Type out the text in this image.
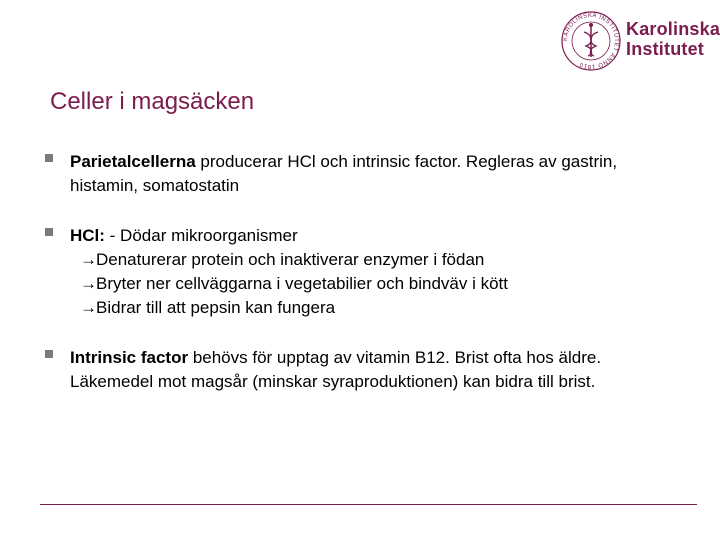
KAROLINSKA INSTITUTET ANNO 1810
Karolinska
Institutet
Celler i magsäcken
Parietalcellerna producerar HCl och intrinsic factor. Regleras av gastrin, histamin, somatostatin
HCl: - Dödar mikroorganismer
→Denaturerar protein och inaktiverar enzymer i födan
→Bryter ner cellväggarna i vegetabilier och bindväv i kött
→Bidrar till att pepsin kan fungera
Intrinsic factor behövs för upptag av vitamin B12. Brist ofta hos äldre. Läkemedel mot magsår (minskar syraproduktionen) kan bidra till brist.
